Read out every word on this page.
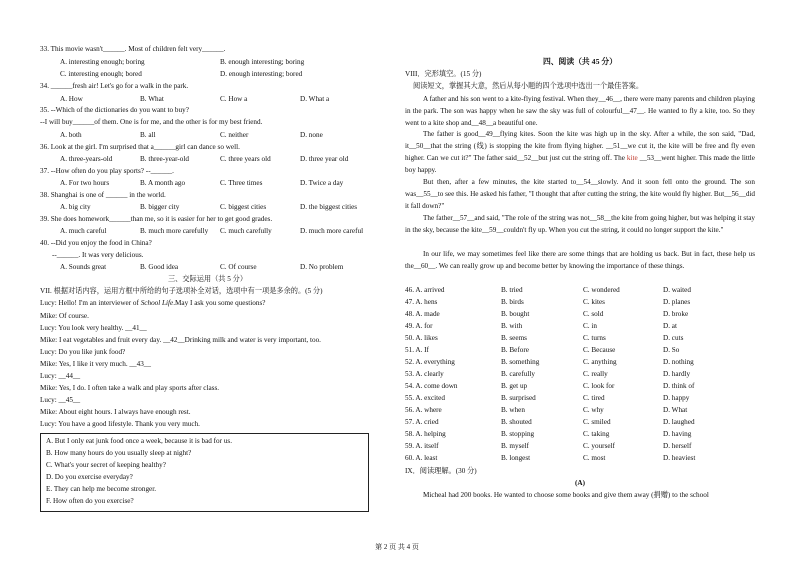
33. This movie wasn't______. Most of children felt very______.
A. interesting enough; boring	B. enough interesting; boring
C. interesting enough; bored	D. enough interesting; bored
34. ______fresh air! Let's go for a walk in the park.
A. How	B. What	C. How a	D. What a
35. --Which of the dictionaries do you want to buy?
--I will buy______of them. One is for me, and the other is for my best friend.
A. both	B. all	C. neither	D. none
36. Look at the girl. I'm surprised that a______girl can dance so well.
A. three-years-old	B. three-year-old	C. three years old	D. three year old
37. --How often do you play sports? --______.
A. For two hours	B. A month ago	C. Three times	D. Twice a day
38. Shanghai is one of ______ in the world.
A. big city	B. bigger city	C. biggest cities	D. the biggest cities
39. She does homework______than me, so it is easier for her to get good grades.
A. much careful	B. much more carefully C. much carefully	D. much more careful
40. --Did you enjoy the food in China?
--______. It was very delicious.
A. Sounds great	B. Good idea	C. Of course	D. No problem
三、交际运用（共 5 分）
VII. 根据对话内容，运用方框中所给的句子选项补全对话，选项中有一项是多余的。(5 分)
Lucy: Hello! I'm an interviewer of School Life.May I ask you some questions?
Mike: Of course.
Lucy: You look very healthy. __41__
Mike: I eat vegetables and fruit every day. __42__Drinking milk and water is very important, too.
Lucy: Do you like junk food?
Mike: Yes, I like it very much. __43__
Lucy: __44__
Mike: Yes, I do. I often take a walk and play sports after class.
Lucy: __45__
Mike: About eight hours. I always have enough rest.
Lucy: You have a good lifestyle. Thank you very much.
A. But I only eat junk food once a week, because it is bad for us.
B. How many hours do you usually sleep at night?
C. What's your secret of keeping healthy?
D. Do you exercise everyday?
E. They can help me become stronger.
F. How often do you exercise?
四、阅读（共 45 分）
VIII．完形填空。(15 分)
阅读短文，掌握其大意，然后从每小题的四个选项中选出一个最佳答案。
A father and his son went to a kite-flying festival. When they__46__, there were many parents and children playing in the park. The son was happy when he saw the sky was full of colourful__47__. He wanted to fly a kite, too. So they went to a kite shop and__48__a beautiful one.
The father is good__49__flying kites. Soon the kite was high up in the sky. After a while, the son said, "Dad, it__50__that the string (线) is stopping the kite from flying higher. __51__we cut it, the kite will be free and fly even higher. Can we cut it?" The father said__52__but just cut the string off. The kite __53__went higher. This made the little boy happy.
But then, after a few minutes, the kite started to__54__slowly. And it soon fell onto the ground. The son was__55__to see this. He asked his father, "I thought that after cutting the string, the kite would fly higher. But__56__did it fall down?"
The father__57__and said, "The role of the string was not__58__the kite from going higher, but was helping it stay in the sky, because the kite__59__couldn't fly up. When you cut the string, it could no longer support the kite."
In our life, we may sometimes feel like there are some things that are holding us back. But in fact, these help us the__60__. We can really grow up and become better by knowing the importance of these things.
46. A. arrived	B. tried	C. wondered	D. waited
47. A. hens	B. birds	C. kites	D. planes
48. A. made	B. bought	C. sold	D. broke
49. A. for	B. with	C. in	D. at
50. A. likes	B. seems	C. turns	D. cuts
51. A. If	B. Before	C. Because	D. So
52. A. everything	B. something	C. anything	D. nothing
53. A. clearly	B. carefully	C. really	D. hardly
54. A. come down	B. get up	C. look for	D. think of
55. A. excited	B. surprised	C. tired	D. happy
56. A. where	B. when	C. why	D. What
57. A. cried	B. shouted	C. smiled	D. laughed
58. A. helping	B. stopping	C. taking	D. having
59. A. itself	B. myself	C. yourself	D. herself
60. A. least	B. longest	C. most	D. heaviest
IX．阅读理解。(30 分)
(A)
Micheal had 200 books. He wanted to choose some books and give them away (捐赠) to the school
第 2 页 共 4 页
